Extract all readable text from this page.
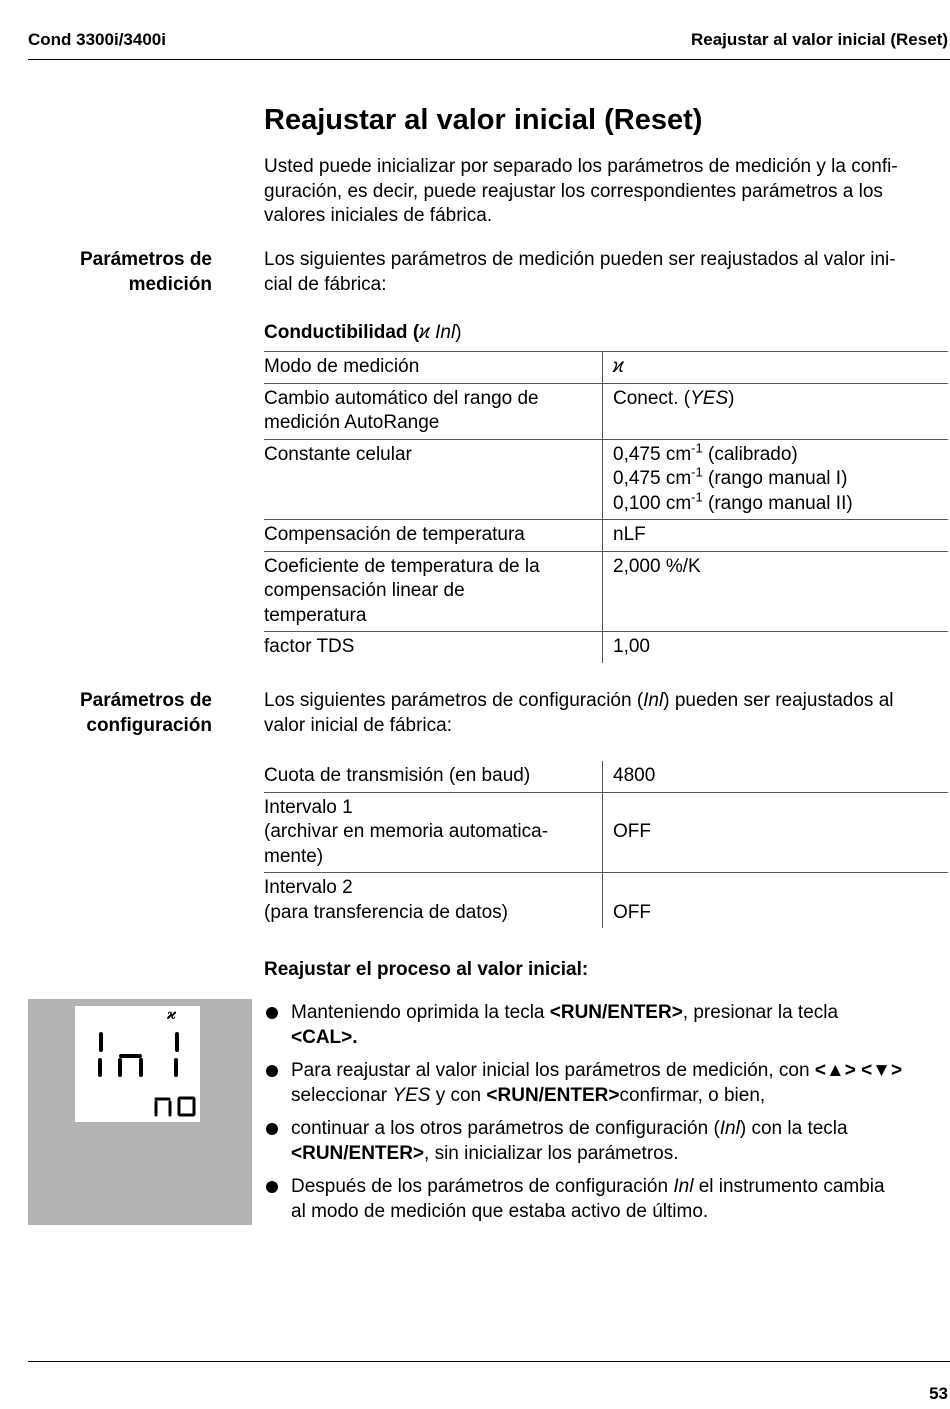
Cond 3300i/3400i	Reajustar al valor inicial (Reset)
Reajustar al valor inicial (Reset)
Usted puede inicializar por separado los parámetros de medición y la confi-
guración, es decir, puede reajustar los correspondientes parámetros a los
valores iniciales de fábrica.
Parámetros de
medición
Los siguientes parámetros de medición pueden ser reajustados al valor ini-
cial de fábrica:
Conductibilidad (ϰ Inl)
Modo de medición	ϰ

Cambio automático del rango de
medición AutoRange	Conect. (YES)

Constante celular	0,475 $cm^{-1}$ (calibrado)
0,475 $cm^{-1}$ (rango manual I)
0,100 $cm^{-1}$ (rango manual II)

Compensación de temperatura	nLF

Coeficiente de temperatura de la
compensación linear de
temperatura	2,000 %/K

factor TDS	1,00
Parámetros de
configuración
Los siguientes parámetros de configuración (Inl) pueden ser reajustados al
valor inicial de fábrica:
Cuota de transmisión (en baud)	4800

Intervalo 1
(archivar en memoria automatica-
mente)	OFF

Intervalo 2
(para transferencia de datos)	OFF
Reajustar el proceso al valor inicial:
ϰ
Ini
no
Manteniendo oprimida la tecla <RUN/ENTER>, presionar la tecla
<CAL>.
Para reajustar al valor inicial los parámetros de medición, con <▲> <▼>
seleccionar YES y con <RUN/ENTER>confirmar, o bien,
continuar a los otros parámetros de configuración (Inl) con la tecla
<RUN/ENTER>, sin inicializar los parámetros.
Después de los parámetros de configuración Inl el instrumento cambia
al modo de medición que estaba activo de último.
53
